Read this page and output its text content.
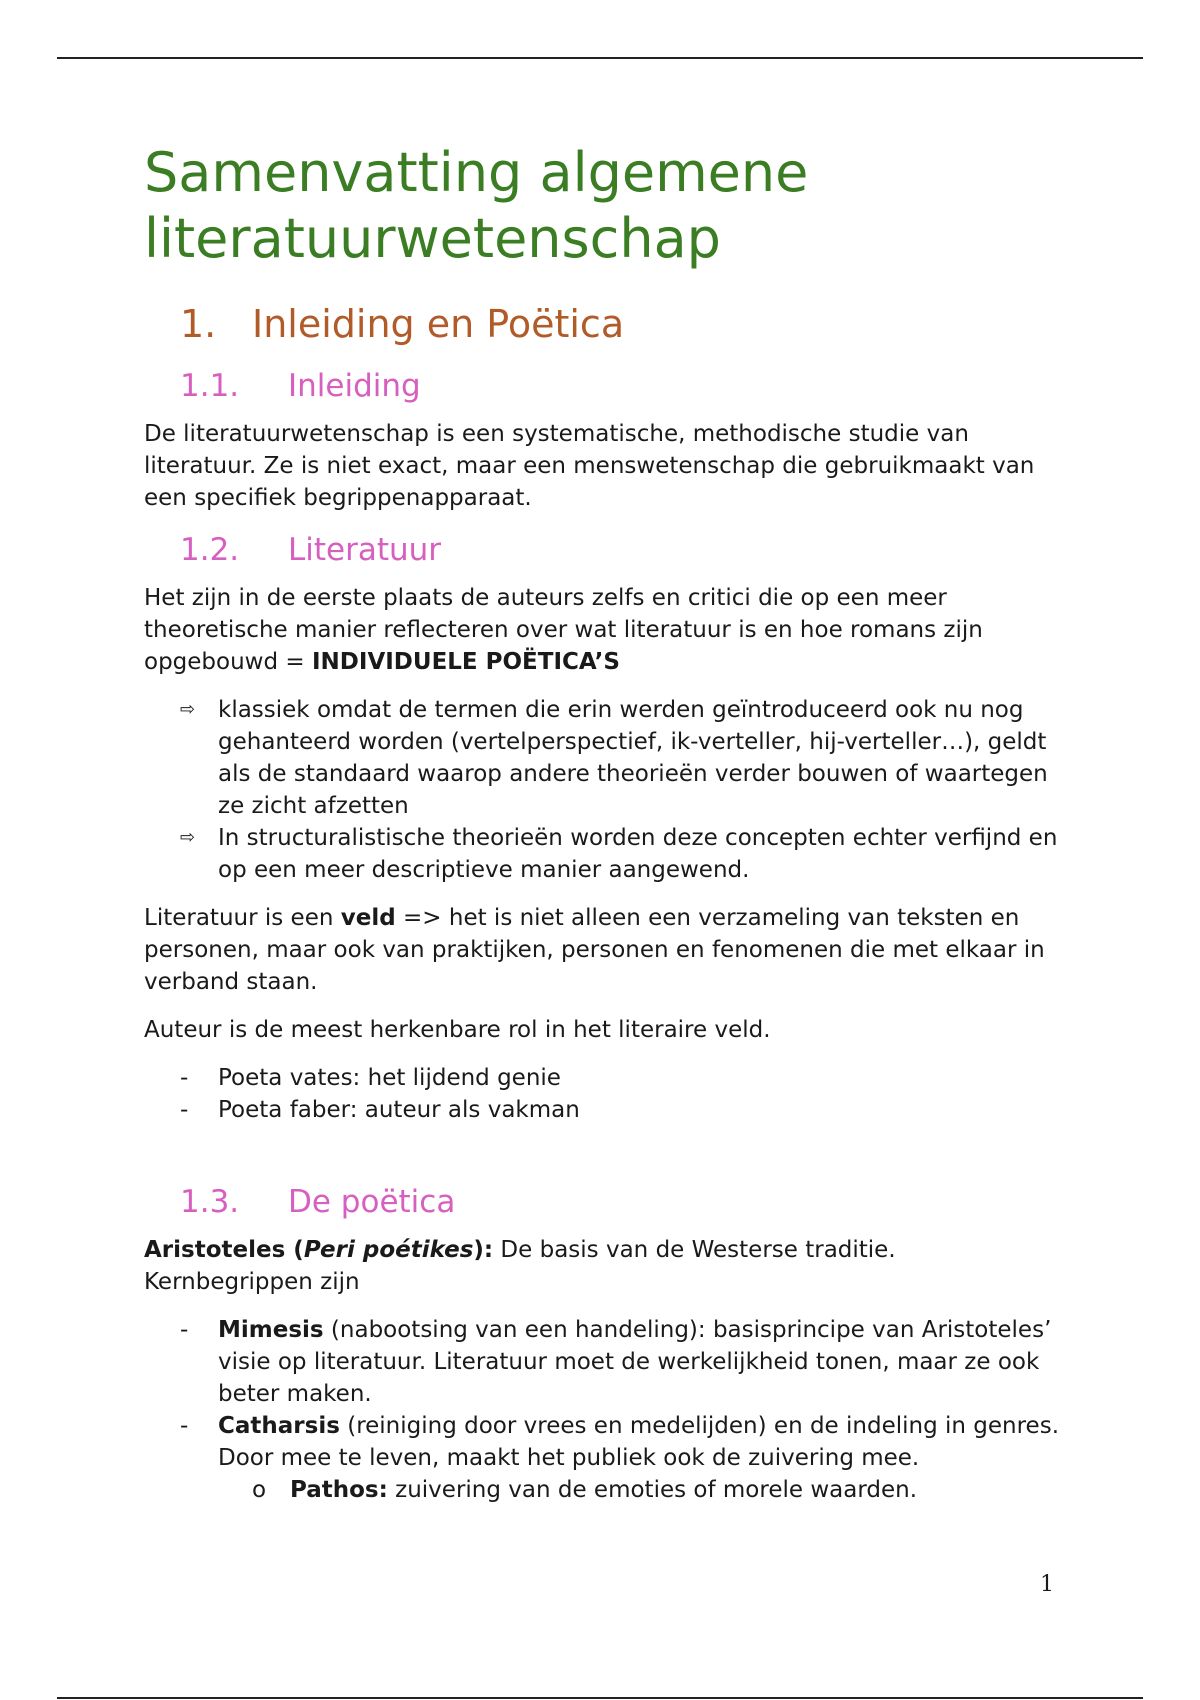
Samenvatting algemene literatuurwetenschap
1. Inleiding en Poëtica
1.1. Inleiding

De literatuurwetenschap is een systematische, methodische studie van literatuur. Ze is niet exact, maar een menswetenschap die gebruikmaakt van een specifiek begrippenapparaat.

1.2. Literatuur

Het zijn in de eerste plaats de auteurs zelfs en critici die op een meer theoretische manier reflecteren over wat literatuur is en hoe romans zijn opgebouwd = INDIVIDUELE POËTICA’S

⇨ klassiek omdat de termen die erin werden geïntroduceerd ook nu nog gehanteerd worden (vertelperspectief, ik-verteller, hij-verteller…), geldt als de standaard waarop andere theorieën verder bouwen of waartegen ze zicht afzetten
⇨ In structuralistische theorieën worden deze concepten echter verfijnd en op een meer descriptieve manier aangewend.

Literatuur is een veld => het is niet alleen een verzameling van teksten en personen, maar ook van praktijken, personen en fenomenen die met elkaar in verband staan.

Auteur is de meest herkenbare rol in het literaire veld.

- Poeta vates: het lijdend genie
- Poeta faber: auteur als vakman
1.3. De poëtica

Aristoteles (Peri poétikes): De basis van de Westerse traditie. Kernbegrippen zijn

- Mimesis (nabootsing van een handeling): basisprincipe van Aristoteles’ visie op literatuur. Literatuur moet de werkelijkheid tonen, maar ze ook beter maken.
- Catharsis (reiniging door vrees en medelijden) en de indeling in genres. Door mee te leven, maakt het publiek ook de zuivering mee.
o Pathos: zuivering van de emoties of morele waarden.
1
